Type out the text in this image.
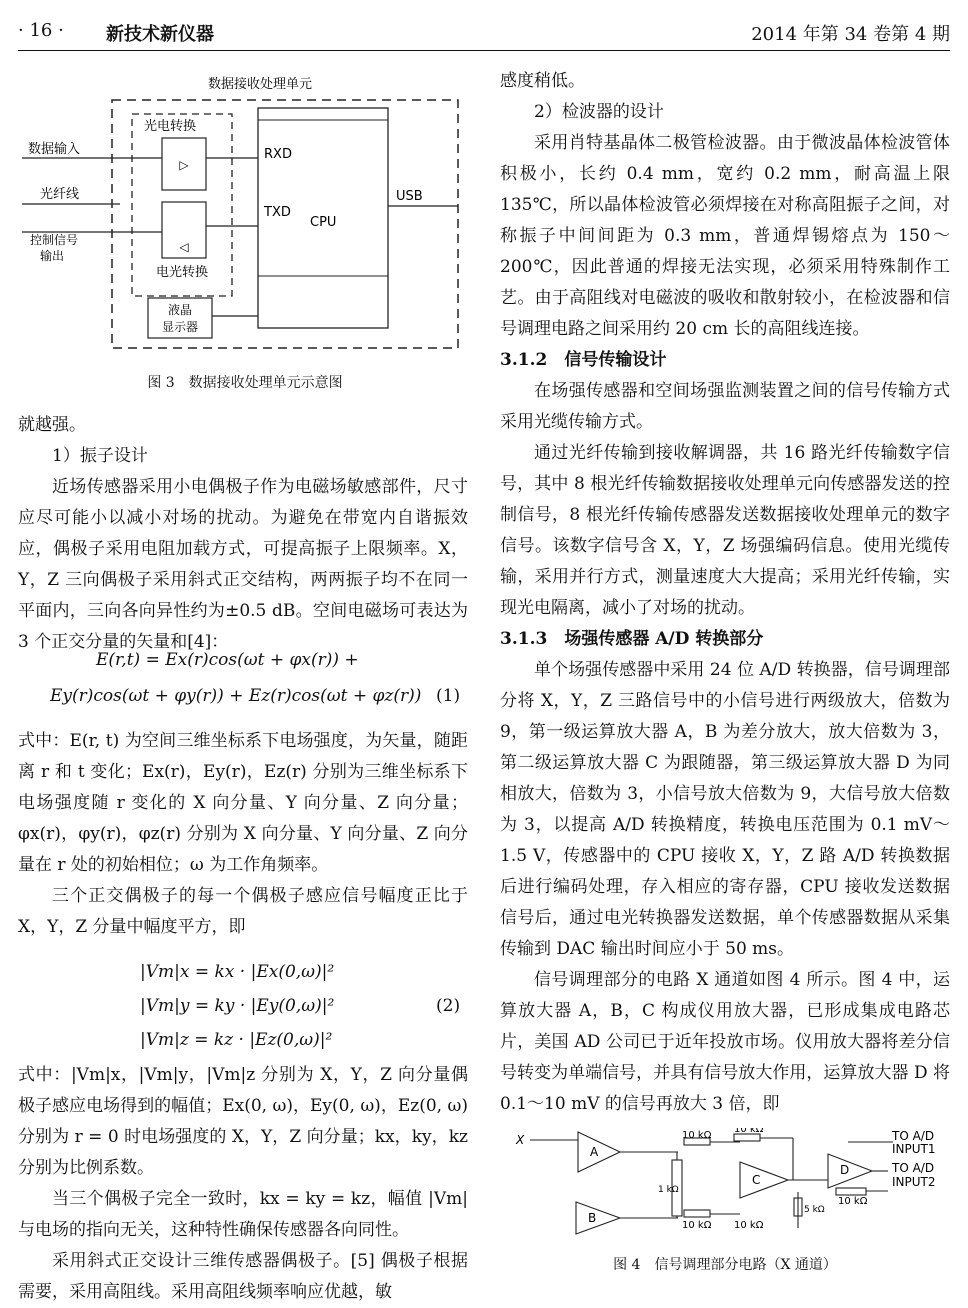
· 16 · 新技术新仪器	2014 年第 34 卷第 4 期
数据接收处理单元
光电转换
▷
◁
电光转换
RXD
TXD
CPU
USB
液晶
显示器
数据输入
光纤线
控制信号
输出
图 3　数据接收处理单元示意图

就越强。

1）振子设计

近场传感器采用小电偶极子作为电磁场敏感部件，尺寸应尽可能小以减小对场的扰动。为避免在带宽内自谐振效应，偶极子采用电阻加载方式，可提高振子上限频率。X，Y，Z 三向偶极子采用斜式正交结构，两两振子均不在同一平面内，三向各向异性约为±0.5 dB。空间电磁场可表达为 3 个正交分量的矢量和[4]：

E(r,t) = Ex(r)cos(ωt + φx(r)) +
Ey(r)cos(ωt + φy(r)) + Ez(r)cos(ωt + φz(r)) (1)

式中：E(r, t) 为空间三维坐标系下电场强度，为矢量，随距离 r 和 t 变化；Ex(r)，Ey(r)，Ez(r) 分别为三维坐标系下电场强度随 r 变化的 X 向分量、Y 向分量、Z 向分量；φx(r)，φy(r)，φz(r) 分别为 X 向分量、Y 向分量、Z 向分量在 r 处的初始相位；ω 为工作角频率。

三个正交偶极子的每一个偶极子感应信号幅度正比于 X，Y，Z 分量中幅度平方，即

|Vm|x = kx · |Ex(0,ω)|²
|Vm|y = ky · |Ey(0,ω)|²
|Vm|z = kz · |Ez(0,ω)|²
(2)

式中：|Vm|x，|Vm|y，|Vm|z 分别为 X，Y，Z 向分量偶极子感应电场得到的幅值；Ex(0, ω)，Ey(0, ω)，Ez(0, ω) 分别为 r = 0 时电场强度的 X，Y，Z 向分量；kx，ky，kz 分别为比例系数。

当三个偶极子完全一致时，kx = ky = kz，幅值 |Vm| 与电场的指向无关，这种特性确保传感器各向同性。

采用斜式正交设计三维传感器偶极子。[5] 偶极子根据需要，采用高阻线。采用高阻线频率响应优越，敏

感度稍低。

2）检波器的设计

采用肖特基晶体二极管检波器。由于微波晶体检波管体积极小，长约 0.4 mm，宽约 0.2 mm，耐高温上限 135℃，所以晶体检波管必须焊接在对称高阻振子之间，对称振子中间间距为 0.3 mm，普通焊锡熔点为 150～200℃，因此普通的焊接无法实现，必须采用特殊制作工艺。由于高阻线对电磁波的吸收和散射较小，在检波器和信号调理电路之间采用约 20 cm 长的高阻线连接。

3.1.2　信号传输设计

在场强传感器和空间场强监测装置之间的信号传输方式采用光缆传输方式。

通过光纤传输到接收解调器，共 16 路光纤传输数字信号，其中 8 根光纤传输数据接收处理单元向传感器发送的控制信号，8 根光纤传输传感器发送数据接收处理单元的数字信号。该数字信号含 X，Y，Z 场强编码信息。使用光缆传输，采用并行方式，测量速度大大提高；采用光纤传输，实现光电隔离，减小了对场的扰动。

3.1.3　场强传感器 A/D 转换部分

单个场强传感器中采用 24 位 A/D 转换器，信号调理部分将 X，Y，Z 三路信号中的小信号进行两级放大，倍数为 9，第一级运算放大器 A，B 为差分放大，放大倍数为 3，第二级运算放大器 C 为跟随器，第三级运算放大器 D 为同相放大，倍数为 3，小信号放大倍数为 9，大信号放大倍数为 3，以提高 A/D 转换精度，转换电压范围为 0.1 mV～1.5 V，传感器中的 CPU 接收 X，Y，Z 路 A/D 转换数据后进行编码处理，存入相应的寄存器，CPU 接收发送数据信号后，通过电光转换器发送数据，单个传感器数据从采集传输到 DAC 输出时间应小于 50 ms。

信号调理部分的电路 X 通道如图 4 所示。图 4 中，运算放大器 A，B，C 构成仪用放大器，已形成集成电路芯片，美国 AD 公司已于近年投放市场。仪用放大器将差分信号转变为单端信号，并具有信号放大作用，运算放大器 D 将 0.1～10 mV 的信号再放大 3 倍，即

X
A
B
C
D
10 kΩ
10 kΩ
10 kΩ 10 kΩ
10 kΩ
1 kΩ
5 kΩ
TO A/D
INPUT1
TO A/D
INPUT2
图 4　信号调理部分电路（X 通道）
